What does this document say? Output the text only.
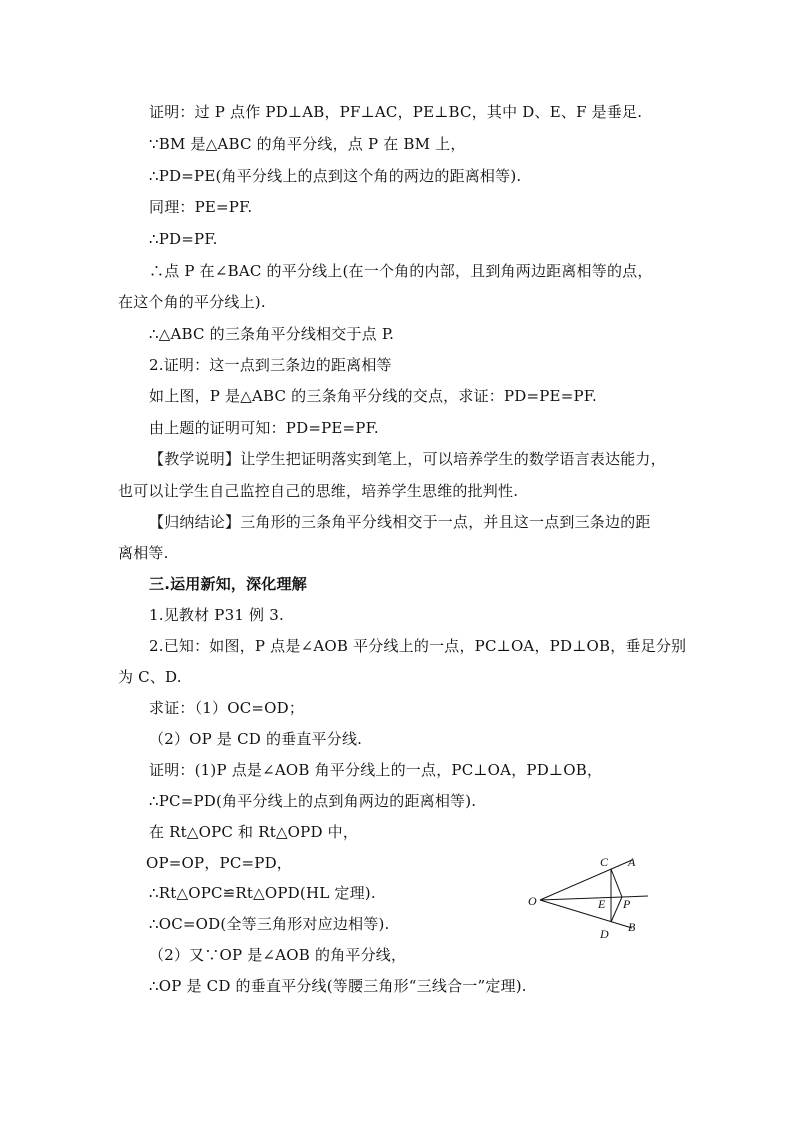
证明：过 P 点作 PD⊥AB，PF⊥AC，PE⊥BC，其中 D、E、F 是垂足.
∵BM 是△ABC 的角平分线，点 P 在 BM 上，
∴PD=PE(角平分线上的点到这个角的两边的距离相等).
同理：PE=PF.
∴PD=PF.
∴点 P 在∠BAC 的平分线上(在一个角的内部，且到角两边距离相等的点，
在这个角的平分线上).
∴△ABC 的三条角平分线相交于点 P.
2.证明：这一点到三条边的距离相等
如上图，P 是△ABC 的三条角平分线的交点，求证：PD=PE=PF.
由上题的证明可知：PD=PE=PF.
【教学说明】让学生把证明落实到笔上，可以培养学生的数学语言表达能力，
也可以让学生自己监控自己的思维，培养学生思维的批判性.
【归纳结论】三角形的三条角平分线相交于一点，并且这一点到三条边的距
离相等.
三.运用新知，深化理解
1.见教材 P31 例 3.
2.已知：如图，P 点是∠AOB 平分线上的一点，PC⊥OA，PD⊥OB，垂足分别
为 C、D.
求证：（1）OC=OD；
（2）OP 是 CD 的垂直平分线.
证明：(1)P 点是∠AOB 角平分线上的一点，PC⊥OA，PD⊥OB，
∴PC=PD(角平分线上的点到角两边的距离相等).
在 Rt△OPC 和 Rt△OPD 中，
OP=OP，PC=PD，
∴Rt△OPC≌Rt△OPD(HL 定理).
∴OC=OD(全等三角形对应边相等).
（2）又∵OP 是∠AOB 的角平分线，
∴OP 是 CD 的垂直平分线(等腰三角形“三线合一”定理).
C A
O	E P
D B
